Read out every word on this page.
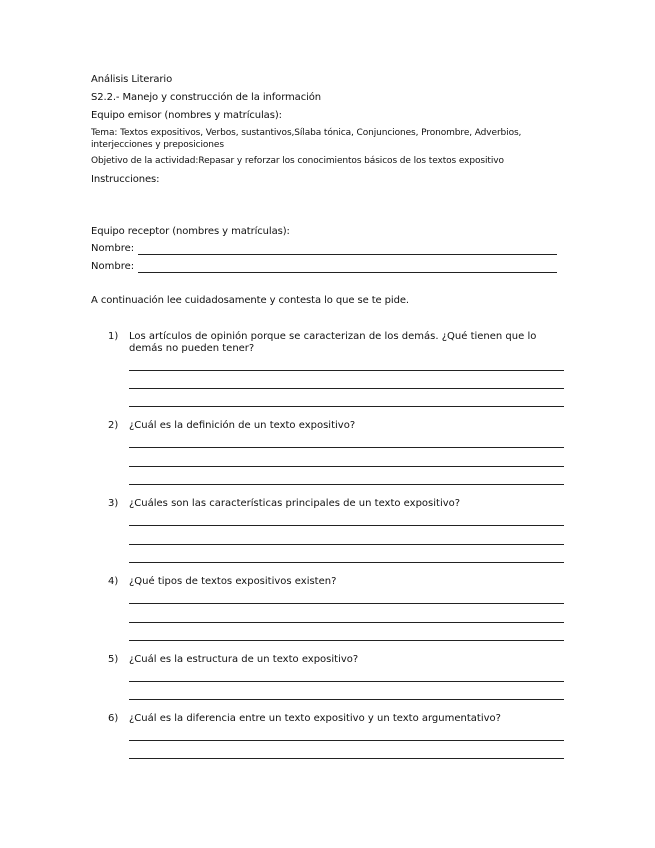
Análisis Literario
S2.2.- Manejo y construcción de la información
Equipo emisor (nombres y matrículas):
Tema: Textos expositivos, Verbos, sustantivos,Sílaba tónica, Conjunciones, Pronombre, Adverbios, interjecciones y preposiciones
Objetivo de la actividad:Repasar y reforzar los conocimientos básicos de los textos expositivo
Instrucciones:
Equipo receptor (nombres y matrículas):
Nombre:
Nombre:
A continuación lee cuidadosamente y contesta lo que se te pide.
1) Los artículos de opinión porque se caracterizan de los demás. ¿Qué tienen que lo demás no pueden tener?
2) ¿Cuál es la definición de un texto expositivo?
3) ¿Cuáles son las características principales de un texto expositivo?
4) ¿Qué tipos de textos expositivos existen?
5) ¿Cuál es la estructura de un texto expositivo?
6) ¿Cuál es la diferencia entre un texto expositivo y un texto argumentativo?
